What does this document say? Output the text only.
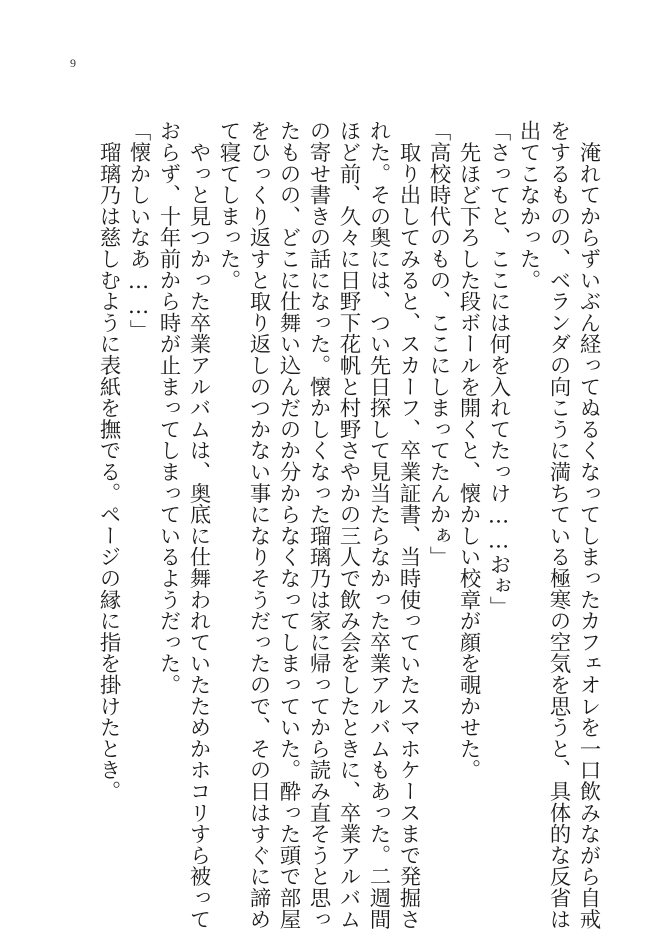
9
　淹れてからずいぶん経ってぬるくなってしまったカフェオレを一口飲みながら自戒
をするものの、ベランダの向こうに満ちている極寒の空気を思うと、具体的な反省は
出てこなかった。
「さってと、ここには何を入れてたっけ……おぉ」
　先ほど下ろした段ボールを開くと、懐かしい校章が顔を覗かせた。
「高校時代のもの、ここにしまってたんかぁ」
　取り出してみると、スカーフ、卒業証書、当時使っていたスマホケースまで発掘さ
れた。その奥には、つい先日探して見当たらなかった卒業アルバムもあった。二週間
ほど前、久々に日野下花帆と村野さやかの三人で飲み会をしたときに、卒業アルバム
の寄せ書きの話になった。懐かしくなった瑠璃乃は家に帰ってから読み直そうと思っ
たものの、どこに仕舞い込んだのか分からなくなってしまっていた。酔った頭で部屋
をひっくり返すと取り返しのつかない事になりそうだったので、その日はすぐに諦め
て寝てしまった。
　やっと見つかった卒業アルバムは、奥底に仕舞われていたためかホコリすら被って
おらず、十年前から時が止まってしまっているようだった。
「懐かしいなあ……」
　瑠璃乃は慈しむように表紙を撫でる。ページの縁に指を掛けたとき。
